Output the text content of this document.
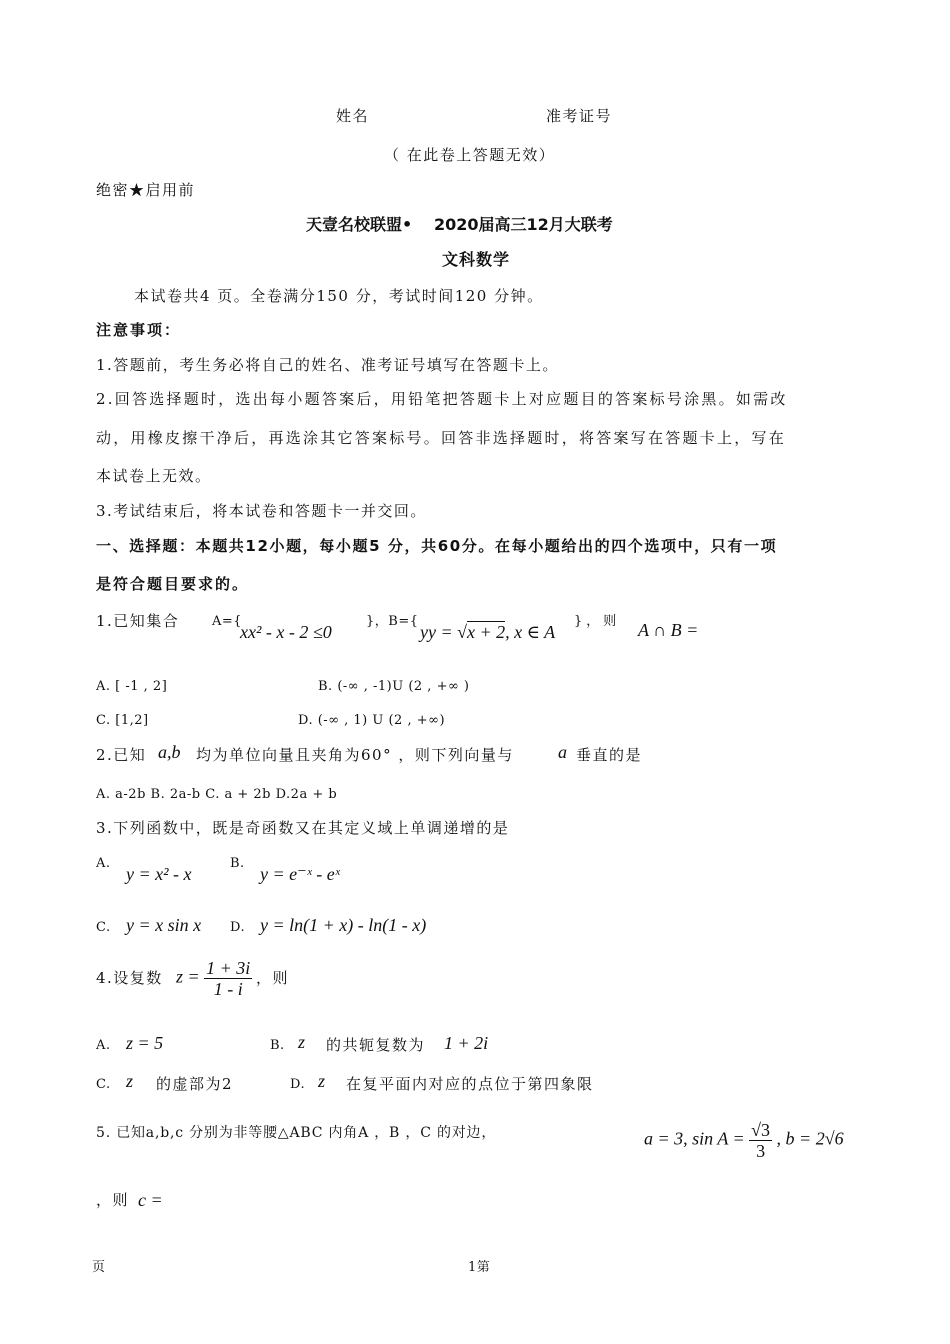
姓名	准考证号
（ 在此卷上答题无效）
绝密★启用前
天壹名校联盟• 2020届高三12月大联考
文科数学
本试卷共4 页。全卷满分150 分，考试时间120 分钟。
注意事项：
1.答题前，考生务必将自己的姓名、准考证号填写在答题卡上。
2.回答选择题时，选出每小题答案后，用铅笔把答题卡上对应题目的答案标号涂黑。如需改
动，用橡皮擦干净后，再选涂其它答案标号。回答非选择题时，将答案写在答题卡上，写在
本试卷上无效。
3.考试结束后，将本试卷和答题卡一并交回。
一、选择题：本题共12小题，每小题5 分，共60分。在每小题给出的四个选项中，只有一项
是符合题目要求的。
1.已知集合	A={
xx² - x - 2 ≤0
}，B={
yy = √x + 2, x ∈ A
}，则 A ∩ B =
A. [ -1 , 2]	B. (-∞ , -1)U (2 , +∞ )
C. [1,2]	D. (-∞ , 1) U (2 , +∞)
2.已知 a,b 均为单位向量且夹角为60° ，则下列向量与 a 垂直的是
A. a-2b B. 2a-b C. a + 2b D.2a + b
3.下列函数中，既是奇函数又在其定义域上单调递增的是
A.
y = x² - x
B.
y = e⁻ˣ - eˣ
C. y = x sin x D. y = ln(1 + x) - ln(1 - x)
4.设复数 $z = \frac{1 + 3i}{1 - i}$ ，则
A. z = 5	B. z 的共轭复数为 1 + 2i
C. z 的虚部为2	D. z 在复平面内对应的点位于第四象限
5. 已知a,b,c 分别为非等腰△ABC 内角A ，B ，C 的对边，	a = 3, $\sin A = \frac{√3}{3}$ , b = 2√6
，则 c =
页	1第
